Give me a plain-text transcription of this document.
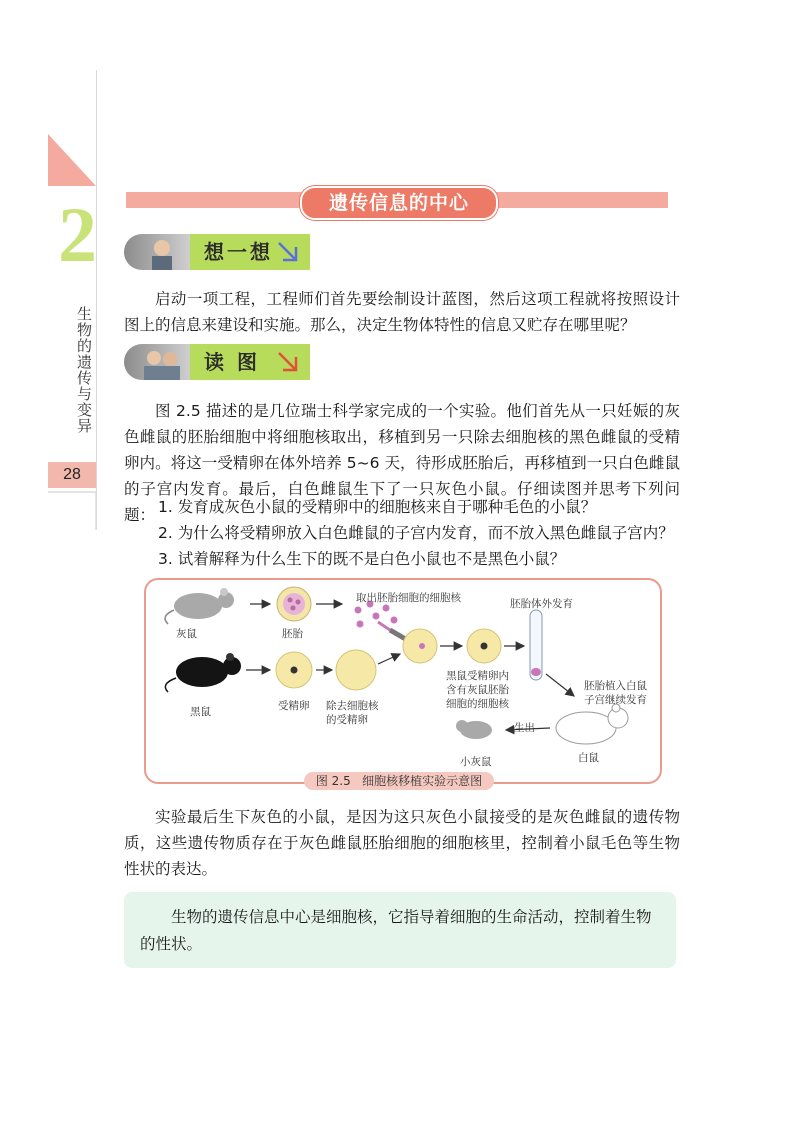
2
生物的遗传与变异
28
遗传信息的中心
想一想

启动一项工程，工程师们首先要绘制设计蓝图，然后这项工程就将按照设计图上的信息来建设和实施。那么，决定生物体特性的信息又贮存在哪里呢？

读 图

图 2.5 描述的是几位瑞士科学家完成的一个实验。他们首先从一只妊娠的灰色雌鼠的胚胎细胞中将细胞核取出，移植到另一只除去细胞核的黑色雌鼠的受精卵内。将这一受精卵在体外培养 5~6 天，待形成胚胎后，再移植到一只白色雌鼠的子宫内发育。最后，白色雌鼠生下了一只灰色小鼠。仔细读图并思考下列问题： 1. 发育成灰色小鼠的受精卵中的细胞核来自于哪种毛色的小鼠？
2. 为什么将受精卵放入白色雌鼠的子宫内发育，而不放入黑色雌鼠子宫内？
3. 试着解释为什么生下的既不是白色小鼠也不是黑色小鼠？
灰鼠	胚胎
取出胚胎细胞的细胞核	胚胎体外发育
黑鼠	受精卵 除去细胞核
的受精卵
黑鼠受精卵内
含有灰鼠胚胎
细胞的细胞核
胚胎植入白鼠
子宫继续发育
生出
小灰鼠	白鼠
图 2.5 细胞核移植实验示意图

实验最后生下灰色的小鼠，是因为这只灰色小鼠接受的是灰色雌鼠的遗传物质，这些遗传物质存在于灰色雌鼠胚胎细胞的细胞核里，控制着小鼠毛色等生物性状的表达。

生物的遗传信息中心是细胞核，它指导着细胞的生命活动，控制着生物的性状。
